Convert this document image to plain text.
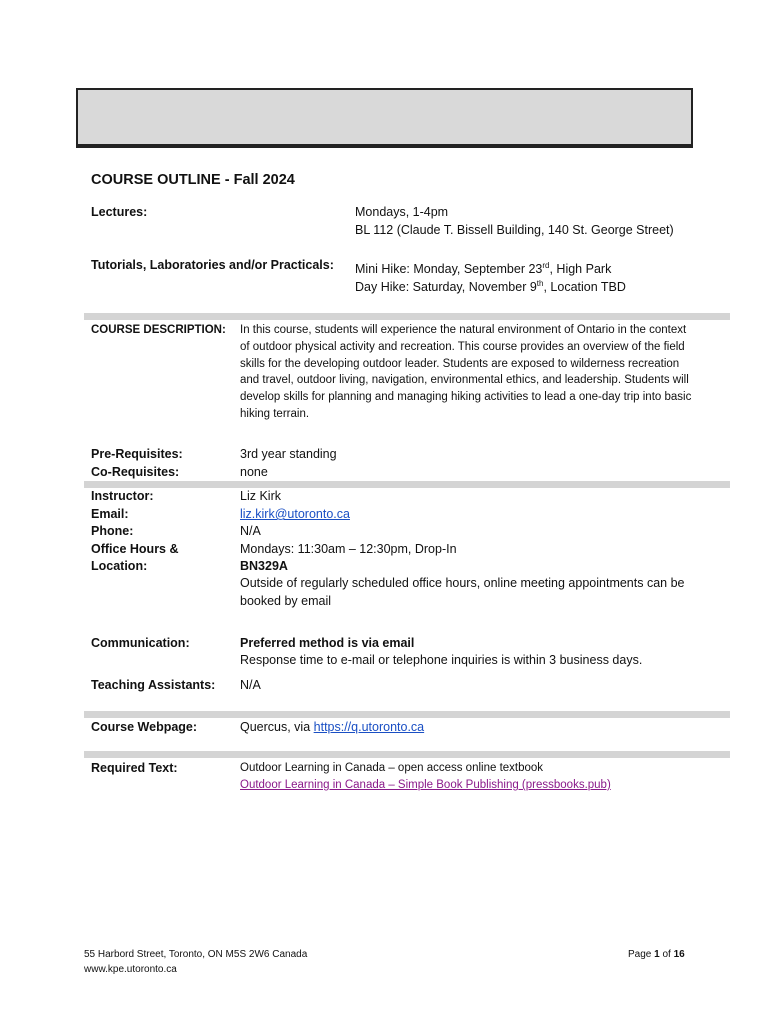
COURSE OUTLINE - Fall 2024
Lectures:	Mondays, 1-4pm
BL 112 (Claude T. Bissell Building, 140 St. George Street)
Tutorials, Laboratories and/or Practicals: Mini Hike: Monday, September 23rd, High Park
Day Hike: Saturday, November 9th, Location TBD
COURSE DESCRIPTION: In this course, students will experience the natural environment of Ontario in the context
of outdoor physical activity and recreation. This course provides an overview of the field
skills for the developing outdoor leader. Students are exposed to wilderness recreation
and travel, outdoor living, navigation, environmental ethics, and leadership. Students will
develop skills for planning and managing hiking activities to lead a one-day trip into basic
hiking terrain.
Pre-Requisites:	3rd year standing
Co-Requisites:	none
Instructor:	Liz Kirk
Email:	liz.kirk@utoronto.ca
Phone:	N/A
Office Hours &	Mondays: 11:30am – 12:30pm, Drop-In
Location:	BN329A
Outside of regularly scheduled office hours, online meeting appointments can be
booked by email
Communication:	Preferred method is via email
Response time to e-mail or telephone inquiries is within 3 business days.
Teaching Assistants: N/A
Course Webpage:	Quercus, via https://q.utoronto.ca
Required Text:	Outdoor Learning in Canada – open access online textbook
Outdoor Learning in Canada – Simple Book Publishing (pressbooks.pub)
55 Harbord Street, Toronto, ON M5S 2W6 Canada
www.kpe.utoronto.ca
Page 1 of 16
